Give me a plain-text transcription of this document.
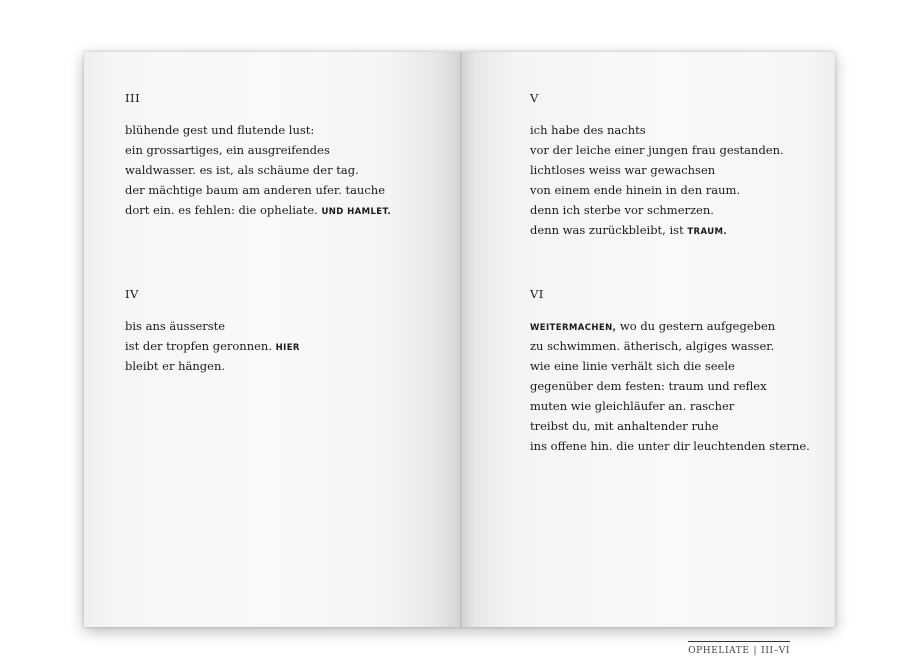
III
blühende gest und flutende lust:
ein grossartiges, ein ausgreifendes
waldwasser. es ist, als schäume der tag.
der mächtige baum am anderen ufer. tauche
dort ein. es fehlen: die opheliate. UND HAMLET.
IV
bis ans äusserste
ist der tropfen geronnen. HIER
bleibt er hängen.
V
ich habe des nachts
vor der leiche einer jungen frau gestanden.
lichtloses weiss war gewachsen
von einem ende hinein in den raum.
denn ich sterbe vor schmerzen.
denn was zurückbleibt, ist TRAUM.
VI
WEITERMACHEN, wo du gestern aufgegeben
zu schwimmen. ätherisch, algiges wasser.
wie eine linie verhält sich die seele
gegenüber dem festen: traum und reflex
muten wie gleichläufer an. rascher
treibst du, mit anhaltender ruhe
ins offene hin. die unter dir leuchtenden sterne.
OPHELIATE | III–VI
